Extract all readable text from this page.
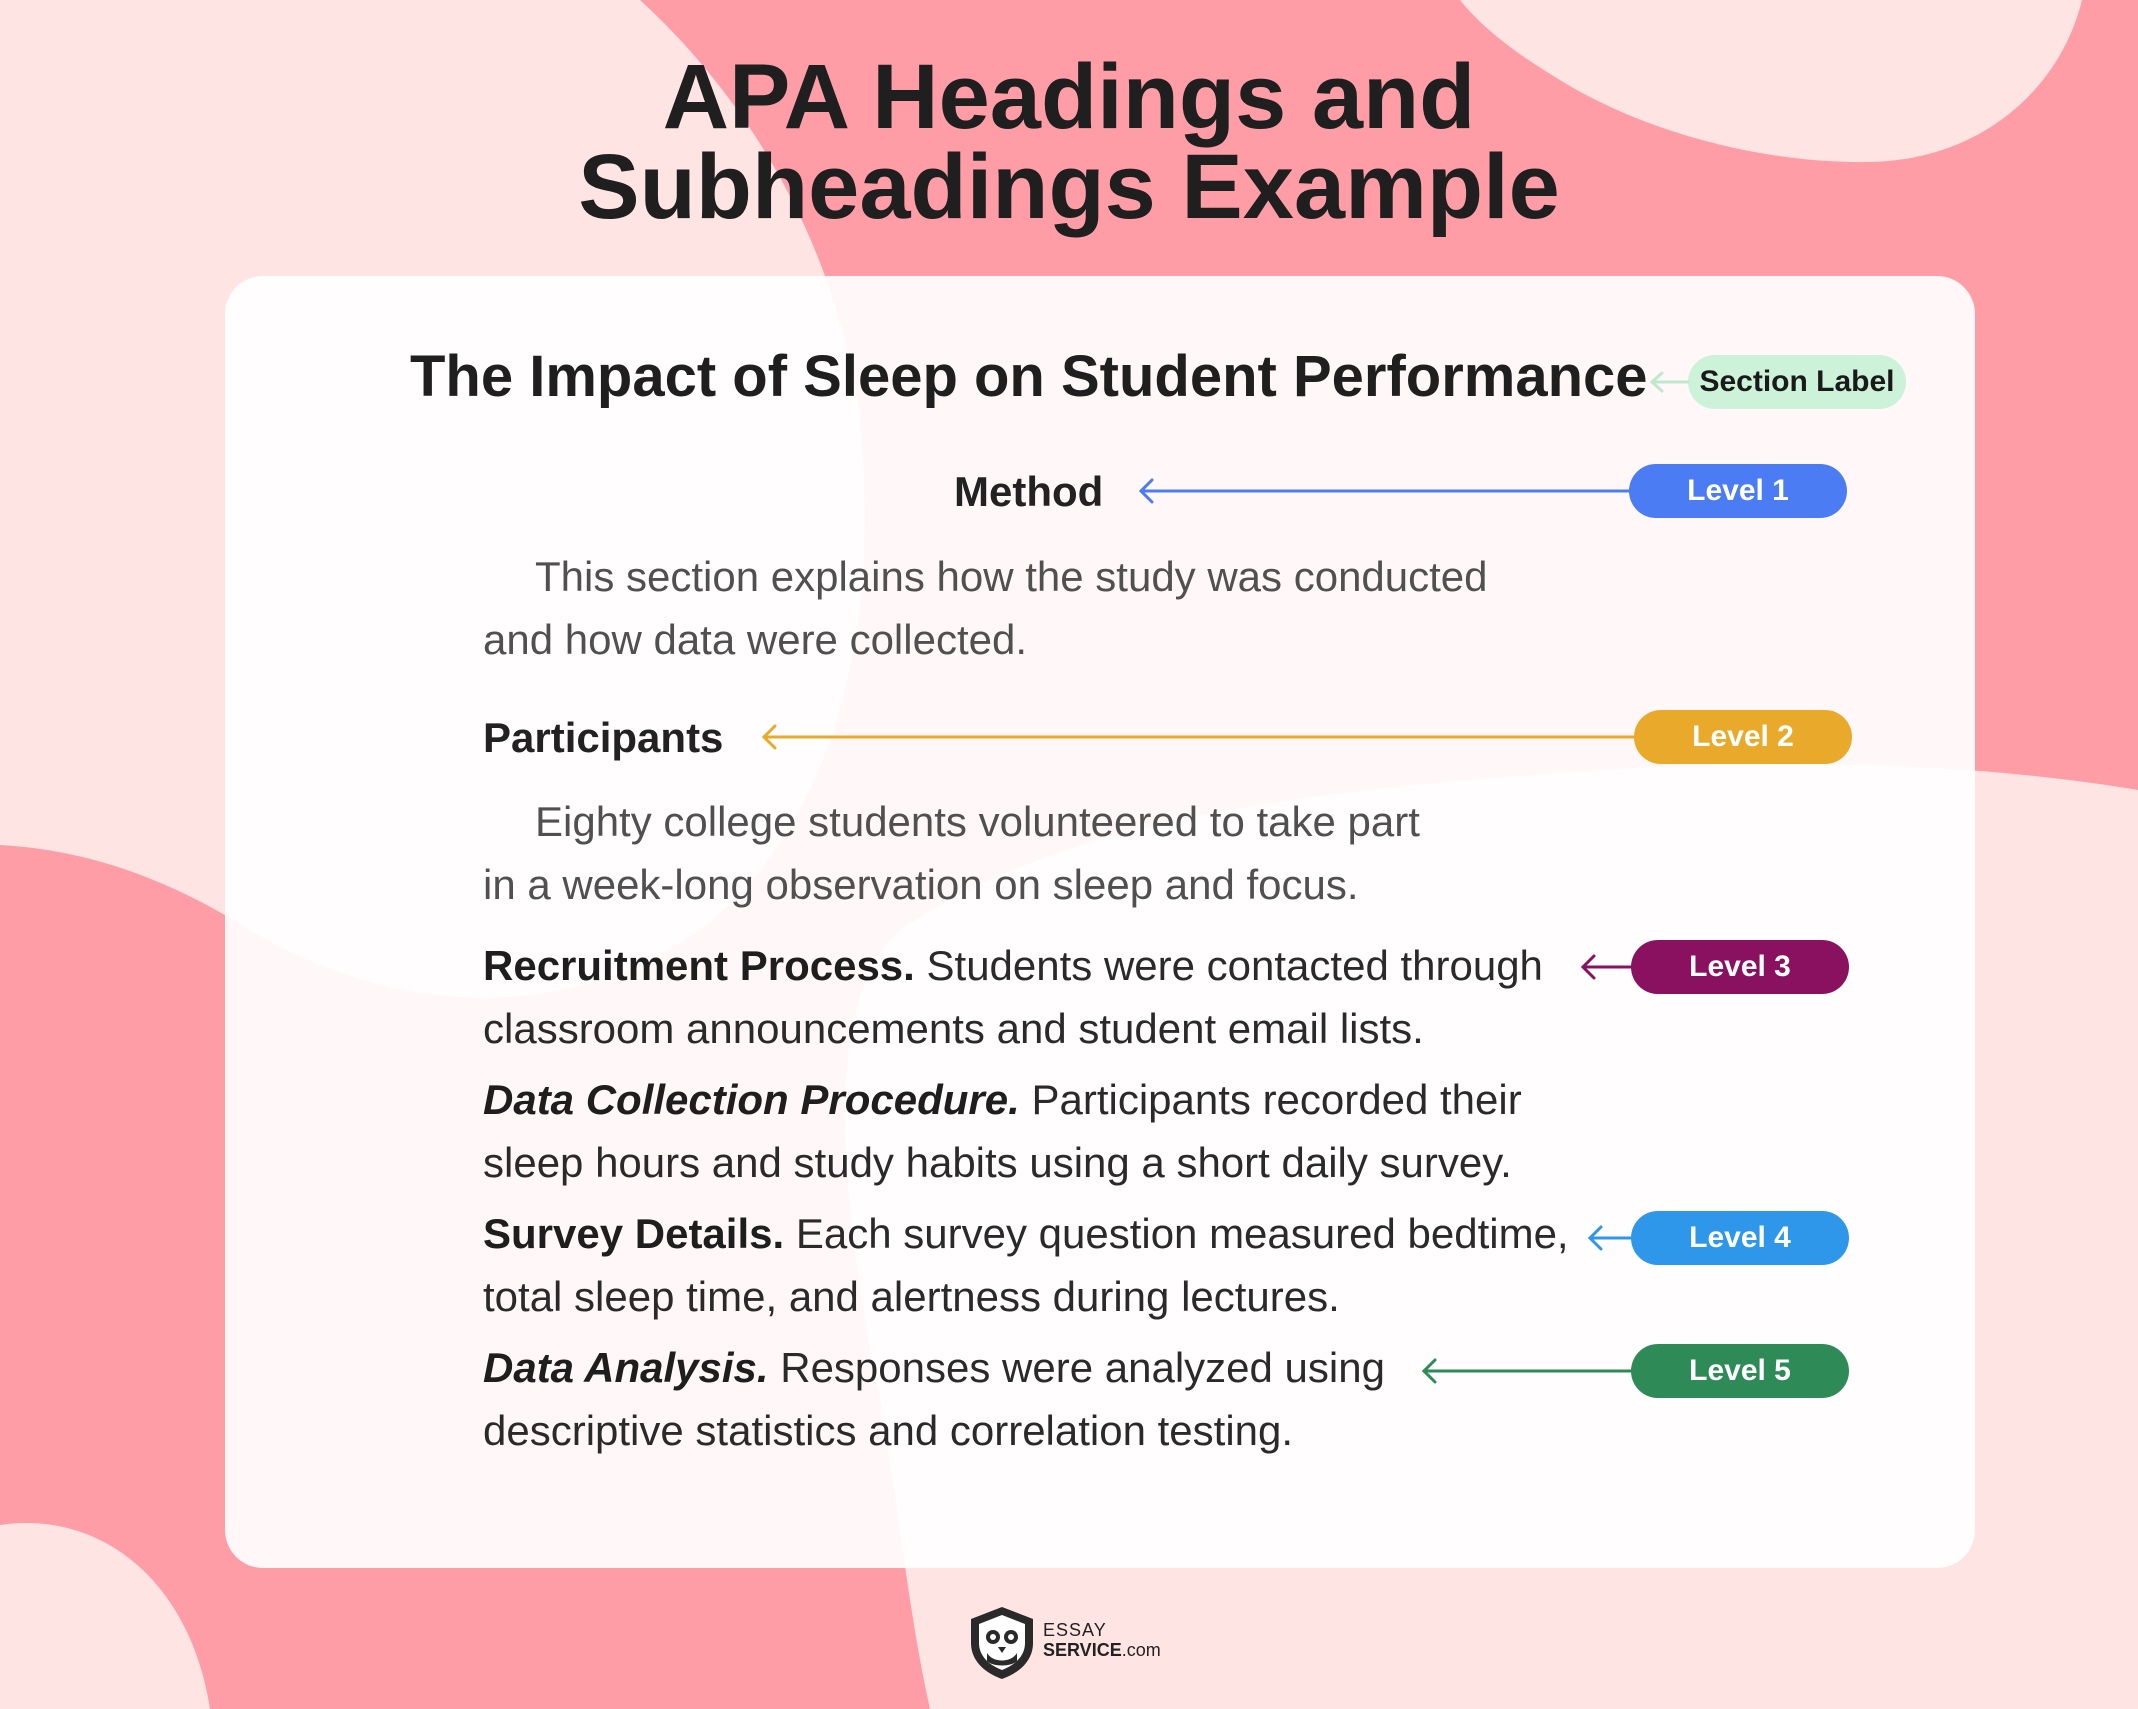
APA Headings and
Subheadings Example
The Impact of Sleep on Student Performance	Section Label
Method	Level 1
This section explains how the study was conducted
and how data were collected.
Participants	Level 2
Eighty college students volunteered to take part
in a week-long observation on sleep and focus.
Recruitment Process. Students were contacted through
classroom announcements and student email lists.
Level 3
Data Collection Procedure. Participants recorded their
sleep hours and study habits using a short daily survey.
Survey Details. Each survey question measured bedtime,
total sleep time, and alertness during lectures.
Level 4
Data Analysis. Responses were analyzed using
descriptive statistics and correlation testing.
Level 5
ESSAY
SERVICE.com
